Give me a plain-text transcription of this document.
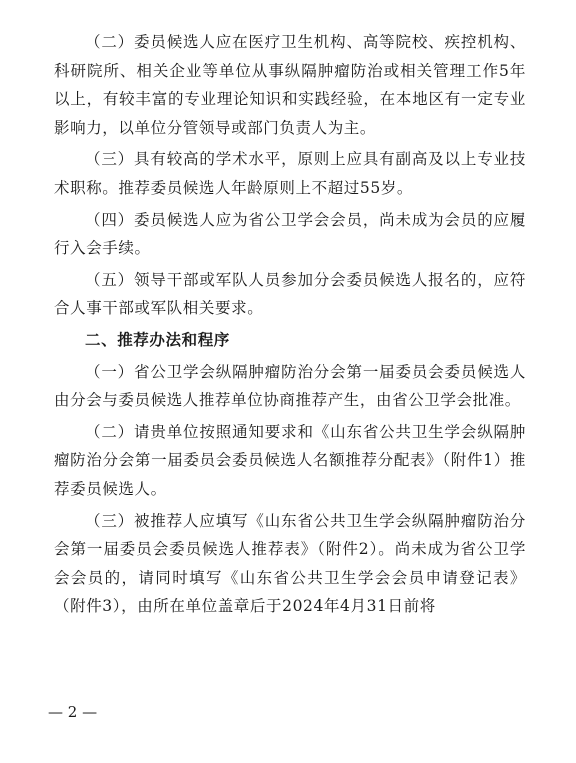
（二）委员候选人应在医疗卫生机构、高等院校、疾控机构、科研院所、相关企业等单位从事纵隔肿瘤防治或相关管理工作5年以上，有较丰富的专业理论知识和实践经验，在本地区有一定专业影响力，以单位分管领导或部门负责人为主。

（三）具有较高的学术水平，原则上应具有副高及以上专业技术职称。推荐委员候选人年龄原则上不超过55岁。

（四）委员候选人应为省公卫学会会员，尚未成为会员的应履行入会手续。

（五）领导干部或军队人员参加分会委员候选人报名的，应符合人事干部或军队相关要求。

二、推荐办法和程序

（一）省公卫学会纵隔肿瘤防治分会第一届委员会委员候选人由分会与委员候选人推荐单位协商推荐产生，由省公卫学会批准。

（二）请贵单位按照通知要求和《山东省公共卫生学会纵隔肿瘤防治分会第一届委员会委员候选人名额推荐分配表》（附件1）推荐委员候选人。

（三）被推荐人应填写《山东省公共卫生学会纵隔肿瘤防治分会第一届委员会委员候选人推荐表》（附件2）。尚未成为省公卫学会会员的，请同时填写《山东省公共卫生学会会员申请登记表》（附件3），由所在单位盖章后于2024年4月31日前将

— 2 —
